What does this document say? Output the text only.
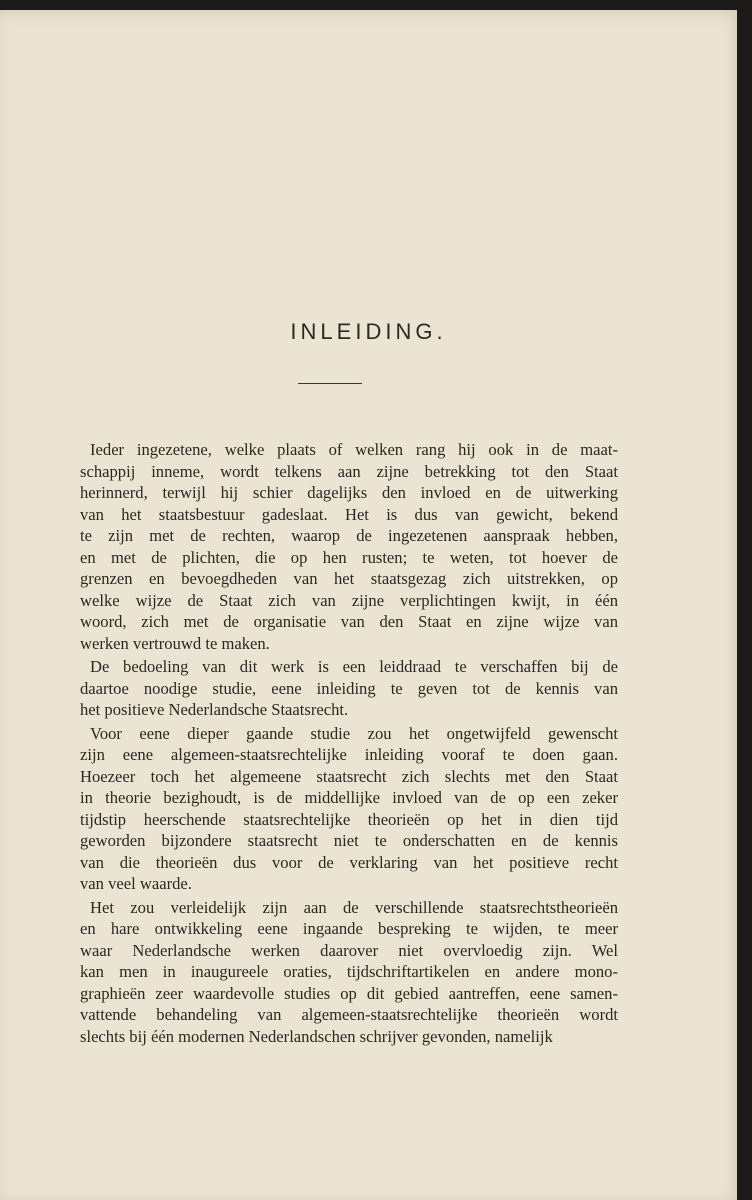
INLEIDING.
Ieder ingezetene, welke plaats of welken rang hij ook in de maat-
schappij inneme, wordt telkens aan zijne betrekking tot den Staat
herinnerd, terwijl hij schier dagelijks den invloed en de uitwerking
van het staatsbestuur gadeslaat. Het is dus van gewicht, bekend
te zijn met de rechten, waarop de ingezetenen aanspraak hebben,
en met de plichten, die op hen rusten; te weten, tot hoever de
grenzen en bevoegdheden van het staatsgezag zich uitstrekken, op
welke wijze de Staat zich van zijne verplichtingen kwijt, in één
woord, zich met de organisatie van den Staat en zijne wijze van
werken vertrouwd te maken.
De bedoeling van dit werk is een leiddraad te verschaffen bij de
daartoe noodige studie, eene inleiding te geven tot de kennis van
het positieve Nederlandsche Staatsrecht.
Voor eene dieper gaande studie zou het ongetwijfeld gewenscht
zijn eene algemeen-staatsrechtelijke inleiding vooraf te doen gaan.
Hoezeer toch het algemeene staatsrecht zich slechts met den Staat
in theorie bezighoudt, is de middellijke invloed van de op een zeker
tijdstip heerschende staatsrechtelijke theorieën op het in dien tijd
geworden bijzondere staatsrecht niet te onderschatten en de kennis
van die theorieën dus voor de verklaring van het positieve recht
van veel waarde.
Het zou verleidelijk zijn aan de verschillende staatsrechtstheorieën
en hare ontwikkeling eene ingaande bespreking te wijden, te meer
waar Nederlandsche werken daarover niet overvloedig zijn. Wel
kan men in inaugureele oraties, tijdschriftartikelen en andere mono-
graphieën zeer waardevolle studies op dit gebied aantreffen, eene samen-
vattende behandeling van algemeen-staatsrechtelijke theorieën wordt
slechts bij één modernen Nederlandschen schrijver gevonden, namelijk
